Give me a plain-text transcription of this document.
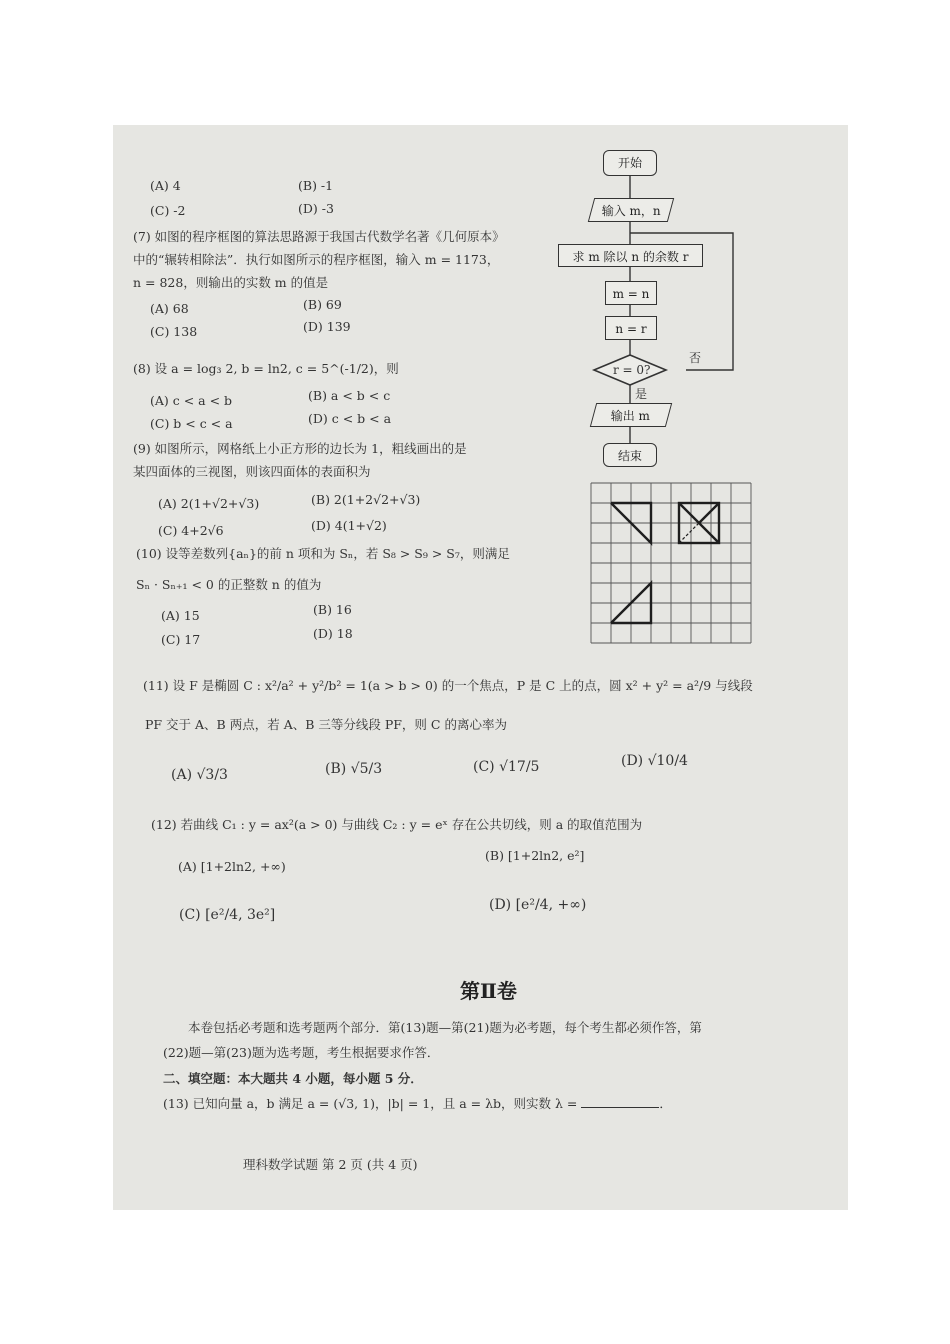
(A) 4	(B) -1
(C) -2	(D) -3
(7) 如图的程序框图的算法思路源于我国古代数学名著《几何原本》
中的“辗转相除法”．执行如图所示的程序框图，输入 m = 1173，
n = 828，则输出的实数 m 的值是
(A) 68	(B) 69
(C) 138	(D) 139
(8) 设 a = log₃ 2, b = ln2, c = 5^(-1/2)，则
(A) c < a < b	(B) a < b < c
(C) b < c < a	(D) c < b < a
(9) 如图所示，网格纸上小正方形的边长为 1，粗线画出的是
某四面体的三视图，则该四面体的表面积为
(A) 2(1+√2+√3)	(B) 2(1+2√2+√3)
(C) 4+2√6	(D) 4(1+√2)
(10) 设等差数列{aₙ}的前 n 项和为 Sₙ，若 S₈ > S₉ > S₇，则满足
Sₙ · Sₙ₊₁ < 0 的正整数 n 的值为
(A) 15	(B) 16
(C) 17	(D) 18
(11) 设 F 是椭圆 C : x²/a² + y²/b² = 1(a > b > 0) 的一个焦点，P 是 C 上的点，圆 x² + y² = a²/9 与线段
PF 交于 A、B 两点，若 A、B 三等分线段 PF，则 C 的离心率为
(A) √3/3	(B) √5/3	(C) √17/5	(D) √10/4
(12) 若曲线 C₁ : y = ax²(a > 0) 与曲线 C₂ : y = eˣ 存在公共切线，则 a 的取值范围为
(A) [1+2ln2, +∞)
(B) [1+2ln2, e²]
(C) [e²/4, 3e²]
(D) [e²/4, +∞)
第Ⅱ卷
本卷包括必考题和选考题两个部分．第(13)题—第(21)题为必考题，每个考生都必须作答，第
(22)题—第(23)题为选考题，考生根据要求作答．
二、填空题：本大题共 4 小题，每小题 5 分．
(13) 已知向量 a，b 满足 a = (√3, 1)，|b| = 1，且 a = λb，则实数 λ =	．
理科数学试题 第 2 页 (共 4 页)
开始
输入 m，n
求 m 除以 n 的余数 r
m = n
n = r
r = 0?
否
是
输出 m
结束
